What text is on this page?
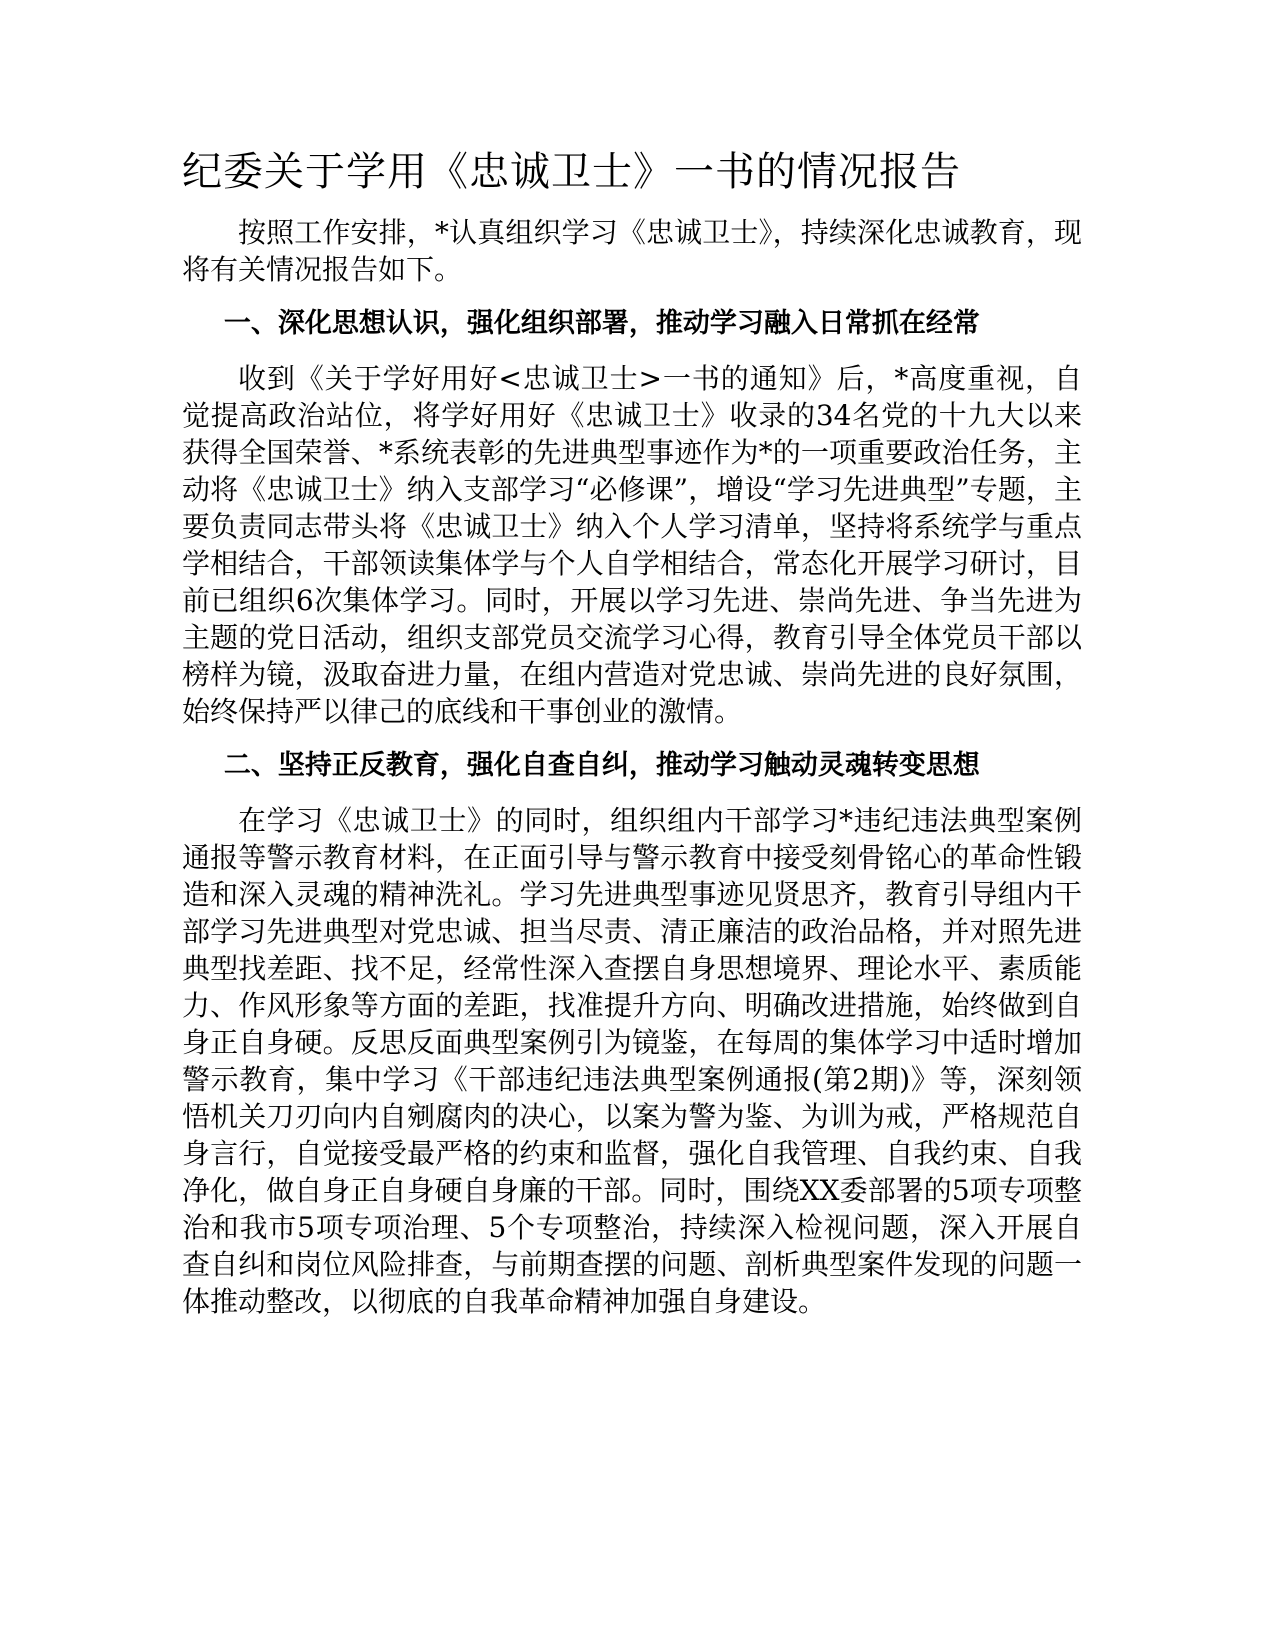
纪委关于学用《忠诚卫士》一书的情况报告

按照工作安排，*认真组织学习《忠诚卫士》，持续深化忠诚教育，现将有关情况报告如下。

一、深化思想认识，强化组织部署，推动学习融入日常抓在经常

收到《关于学好用好<忠诚卫士>一书的通知》后，*高度重视，自觉提高政治站位，将学好用好《忠诚卫士》收录的34名党的十九大以来获得全国荣誉、*系统表彰的先进典型事迹作为*的一项重要政治任务，主动将《忠诚卫士》纳入支部学习“必修课”，增设“学习先进典型”专题，主要负责同志带头将《忠诚卫士》纳入个人学习清单，坚持将系统学与重点学相结合，干部领读集体学与个人自学相结合，常态化开展学习研讨，目前已组织6次集体学习。同时，开展以学习先进、崇尚先进、争当先进为主题的党日活动，组织支部党员交流学习心得，教育引导全体党员干部以榜样为镜，汲取奋进力量，在组内营造对党忠诚、崇尚先进的良好氛围，始终保持严以律己的底线和干事创业的激情。

二、坚持正反教育，强化自查自纠，推动学习触动灵魂转变思想

在学习《忠诚卫士》的同时，组织组内干部学习*违纪违法典型案例通报等警示教育材料，在正面引导与警示教育中接受刻骨铭心的革命性锻造和深入灵魂的精神洗礼。学习先进典型事迹见贤思齐，教育引导组内干部学习先进典型对党忠诚、担当尽责、清正廉洁的政治品格，并对照先进典型找差距、找不足，经常性深入查摆自身思想境界、理论水平、素质能力、作风形象等方面的差距，找准提升方向、明确改进措施，始终做到自身正自身硬。反思反面典型案例引为镜鉴，在每周的集体学习中适时增加警示教育，集中学习《干部违纪违法典型案例通报(第2期)》等，深刻领悟机关刀刃向内自剜腐肉的决心，以案为警为鉴、为训为戒，严格规范自身言行，自觉接受最严格的约束和监督，强化自我管理、自我约束、自我净化，做自身正自身硬自身廉的干部。同时，围绕XX委部署的5项专项整治和我市5项专项治理、5个专项整治，持续深入检视问题，深入开展自查自纠和岗位风险排查，与前期查摆的问题、剖析典型案件发现的问题一体推动整改，以彻底的自我革命精神加强自身建设。
